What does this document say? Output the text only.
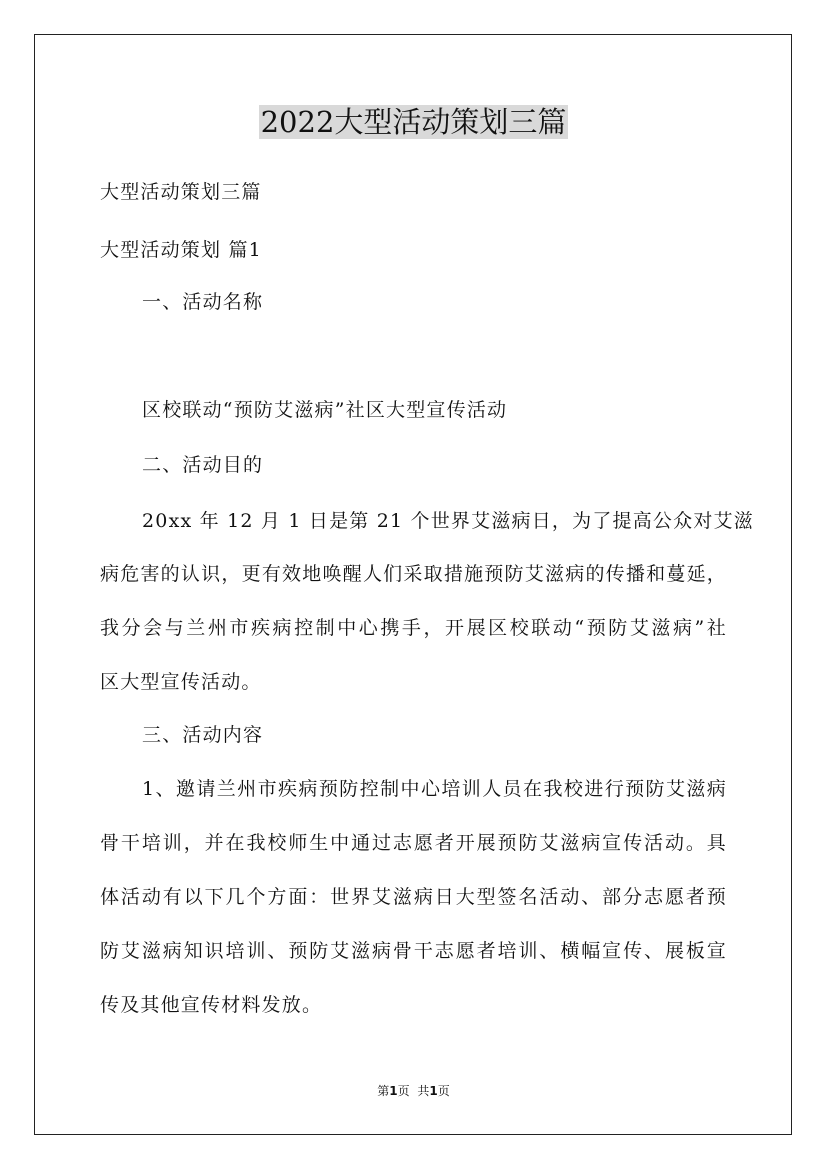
2022大型活动策划三篇
大型活动策划三篇
大型活动策划 篇1
一、活动名称
区校联动“预防艾滋病”社区大型宣传活动
二、活动目的
20xx 年 12 月 1 日是第 21 个世界艾滋病日，为了提高公众对艾滋
病危害的认识，更有效地唤醒人们采取措施预防艾滋病的传播和蔓延，
我分会与兰州市疾病控制中心携手，开展区校联动“预防艾滋病”社
区大型宣传活动。
三、活动内容
1、邀请兰州市疾病预防控制中心培训人员在我校进行预防艾滋病
骨干培训，并在我校师生中通过志愿者开展预防艾滋病宣传活动。具
体活动有以下几个方面：世界艾滋病日大型签名活动、部分志愿者预
防艾滋病知识培训、预防艾滋病骨干志愿者培训、横幅宣传、展板宣
传及其他宣传材料发放。
第1页 共1页
